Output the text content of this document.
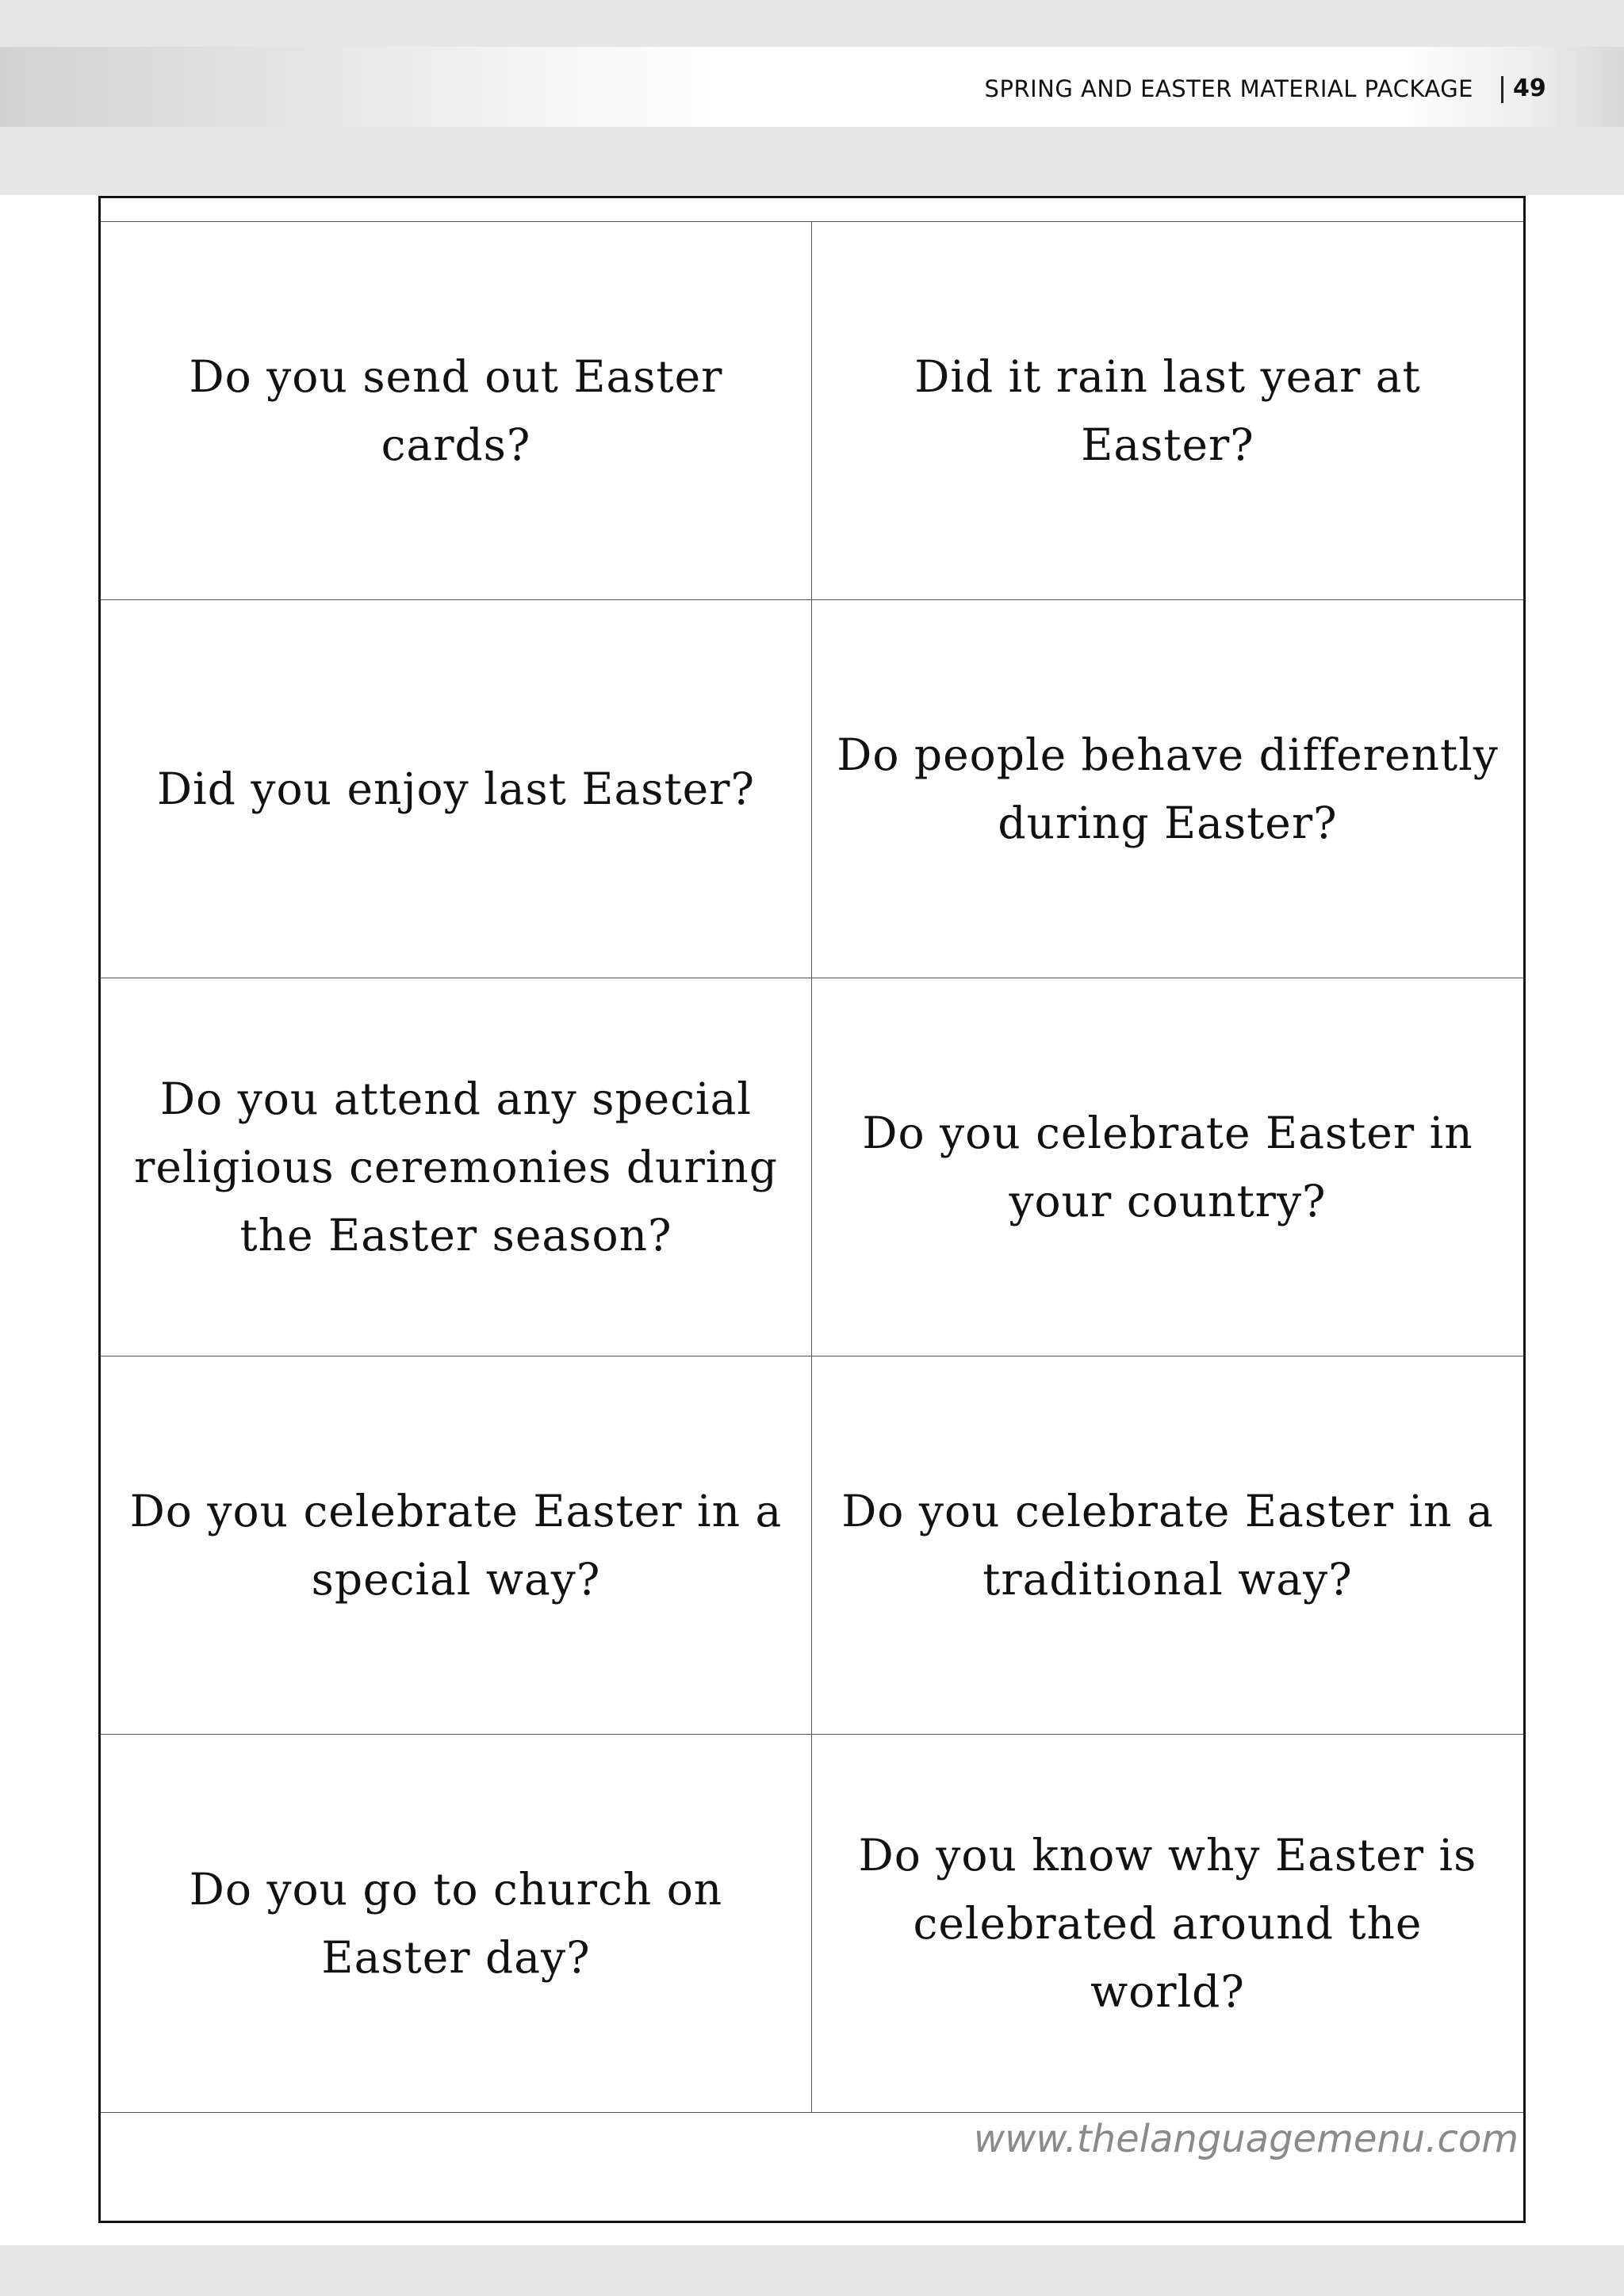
SPRING AND EASTER MATERIAL PACKAGE 49
Do you send out Easter cards?
Did it rain last year at Easter?
Did you enjoy last Easter?
Do people behave differently during Easter?
Do you attend any special religious ceremonies during the Easter season?
Do you celebrate Easter in your country?
Do you celebrate Easter in a special way?
Do you celebrate Easter in a traditional way?
Do you go to church on Easter day?
Do you know why Easter is celebrated around the world?
www.thelanguagemenu.com
